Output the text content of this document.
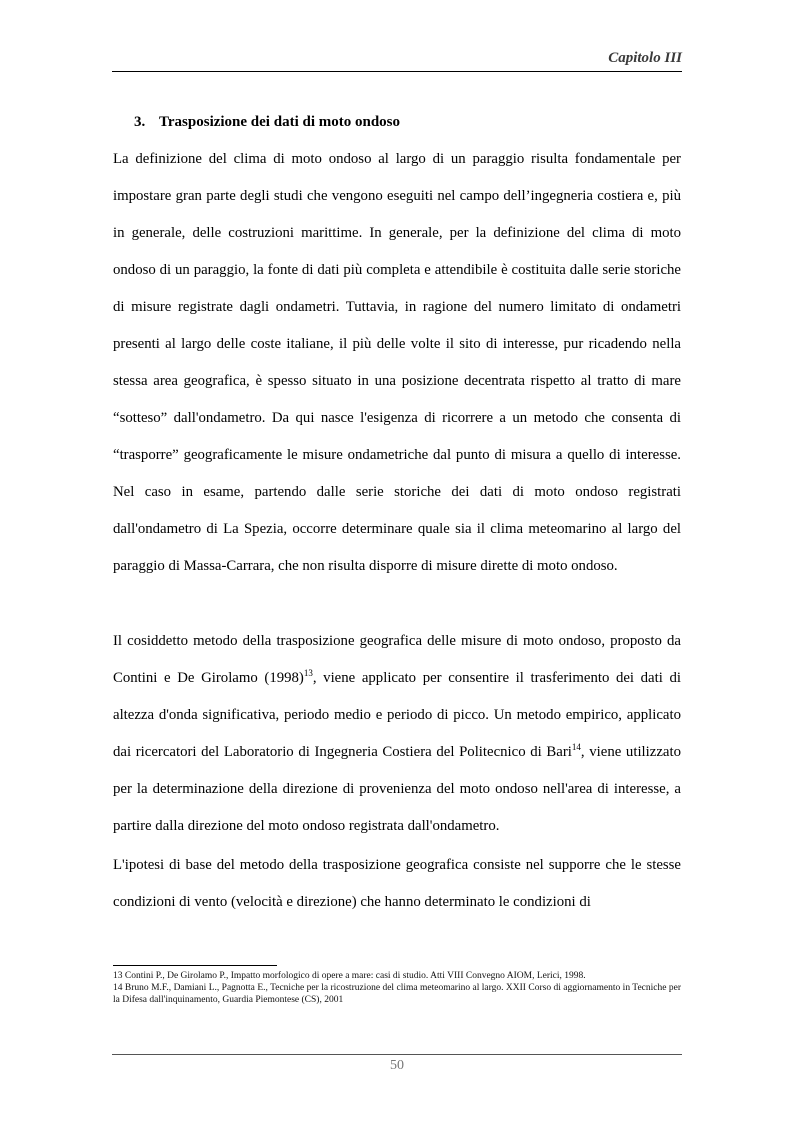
Capitolo III
3. Trasposizione dei dati di moto ondoso

La definizione del clima di moto ondoso al largo di un paraggio risulta fondamentale per impostare gran parte degli studi che vengono eseguiti nel campo dell’ingegneria costiera e, più in generale, delle costruzioni marittime. In generale, per la definizione del clima di moto ondoso di un paraggio, la fonte di dati più completa e attendibile è costituita dalle serie storiche di misure registrate dagli ondametri. Tuttavia, in ragione del numero limitato di ondametri presenti al largo delle coste italiane, il più delle volte il sito di interesse, pur ricadendo nella stessa area geografica, è spesso situato in una posizione decentrata rispetto al tratto di mare “sotteso” dall'ondametro. Da qui nasce l'esigenza di ricorrere a un metodo che consenta di “trasporre” geograficamente le misure ondametriche dal punto di misura a quello di interesse. Nel caso in esame, partendo dalle serie storiche dei dati di moto ondoso registrati dall'ondametro di La Spezia, occorre determinare quale sia il clima meteomarino al largo del paraggio di Massa-Carrara, che non risulta disporre di misure dirette di moto ondoso.

Il cosiddetto metodo della trasposizione geografica delle misure di moto ondoso, proposto da Contini e De Girolamo $(1998)^{13}$, viene applicato per consentire il trasferimento dei dati di altezza d'onda significativa, periodo medio e periodo di picco. Un metodo empirico, applicato dai ricercatori del Laboratorio di Ingegneria Costiera del Politecnico di Bari$^{14}$, viene utilizzato per la determinazione della direzione di provenienza del moto ondoso nell'area di interesse, a partire dalla direzione del moto ondoso registrata dall'ondametro.

L'ipotesi di base del metodo della trasposizione geografica consiste nel supporre che le stesse condizioni di vento (velocità e direzione) che hanno determinato le condizioni di

13 Contini P., De Girolamo P., Impatto morfologico di opere a mare: casi di studio. Atti VIII Convegno AIOM, Lerici, 1998.

14 Bruno M.F., Damiani L., Pagnotta E., Tecniche per la ricostruzione del clima meteomarino al largo. XXII Corso di aggiornamento in Tecniche per la Difesa dall'inquinamento, Guardia Piemontese (CS), 2001

50
